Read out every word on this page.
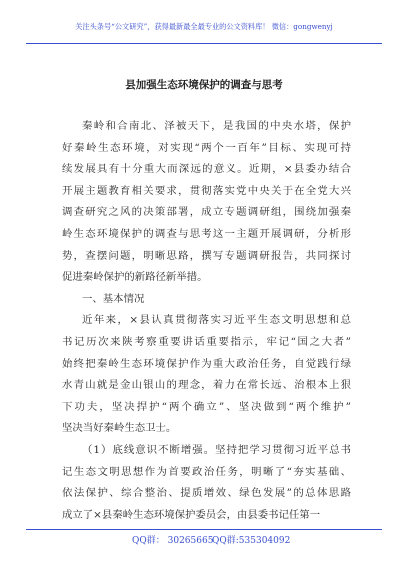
关注头条号“公文研究”，获得最新最全最专业的公文资料库！ 微信：gongwenyj
县加强生态环境保护的调查与思考
秦岭和合南北、泽被天下，是我国的中央水塔，保护
好秦岭生态环境，对实现“两个一百年”目标、实现可持
续发展具有十分重大而深远的意义。近期，×县委办结合
开展主题教育相关要求，贯彻落实党中央关于在全党大兴
调查研究之风的决策部署，成立专题调研组，围绕加强秦
岭生态环境保护的调查与思考这一主题开展调研，分析形
势，查摆问题，明晰思路，撰写专题调研报告，共同探讨
促进秦岭保护的新路径新举措。
一、基本情况
近年来，×县认真贯彻落实习近平生态文明思想和总
书记历次来陕考察重要讲话重要指示，牢记“国之大者”
始终把秦岭生态环境保护作为重大政治任务，自觉践行绿
水青山就是金山银山的理念，着力在常长远、治根本上狠
下功夫，坚决捍护“两个确立”、坚决做到“两个维护”
坚决当好秦岭生态卫士。
（1）底线意识不断增强。坚持把学习贯彻习近平总书
记生态文明思想作为首要政治任务，明晰了“夯实基础、
依法保护、综合整治、提质增效、绿色发展”的总体思路
成立了×县秦岭生态环境保护委员会，由县委书记任第一
QQ群： 30265665
QQ群:535304092
